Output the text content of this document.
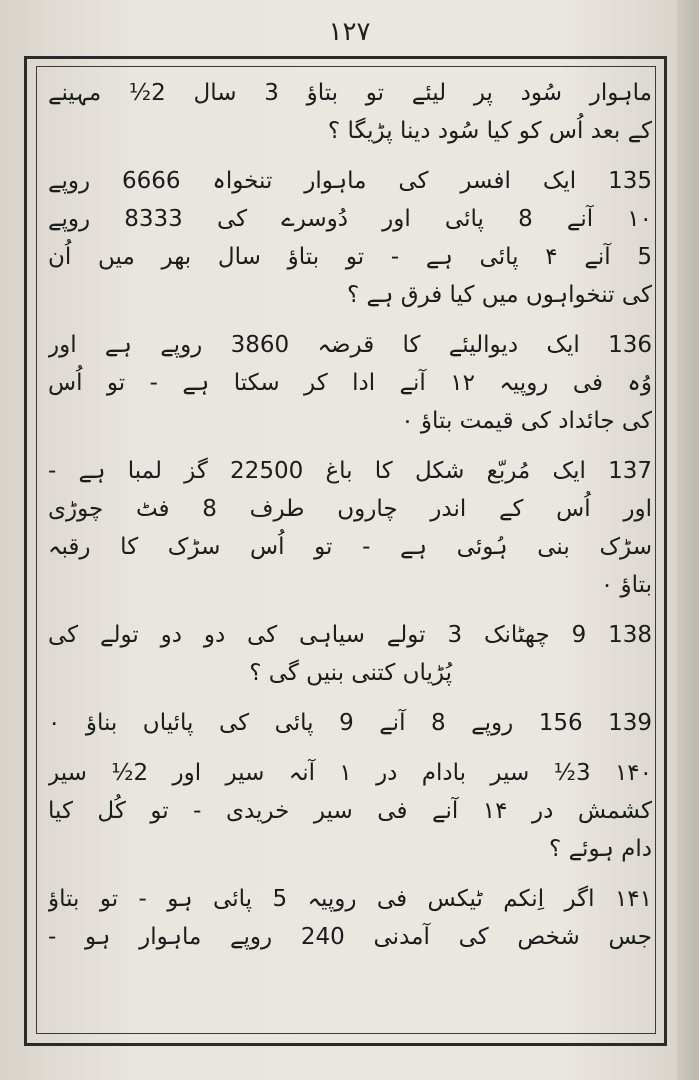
۱۲۷
ماہوار سُود پر لیئے تو بتاؤ 3 سال 2½ مہینے
کے بعد اُس کو کیا سُود دینا پڑیگا ؟
135 ایک افسر کی ماہوار تنخواہ 6666 روپے
۱۰ آنے 8 پائی اور دُوسرے کی 8333 روپے
5 آنے ۴ پائی ہے - تو بتاؤ سال بھر میں اُن
کی تنخواہوں میں کیا فرق ہے ؟
136 ایک دیوالیئے کا قرضہ 3860 روپے ہے اور
وُہ فی روپیہ ۱۲ آنے ادا کر سکتا ہے - تو اُس
کی جائداد کی قیمت بتاؤ ۰
137 ایک مُربّع شکل کا باغ 22500 گز لمبا ہے -
اور اُس کے اندر چاروں طرف 8 فٹ چوڑی
سڑک بنی ہُوئی ہے - تو اُس سڑک کا رقبہ
بتاؤ ۰
138 9 چھٹانک 3 تولے سیاہی کی دو دو تولے کی
پُڑیاں کتنی بنیں گی ؟
139 156 روپے 8 آنے 9 پائی کی پائیاں بناؤ ۰
۱۴۰ 3½ سیر بادام در ۱ آنہ سیر اور 2½ سیر
کشمش در ۱۴ آنے فی سیر خریدی - تو کُل کیا
دام ہوئے ؟
۱۴۱ اگر اِنکم ٹیکس فی روپیہ 5 پائی ہو - تو بتاؤ
جس شخص کی آمدنی 240 روپے ماہوار ہو -
